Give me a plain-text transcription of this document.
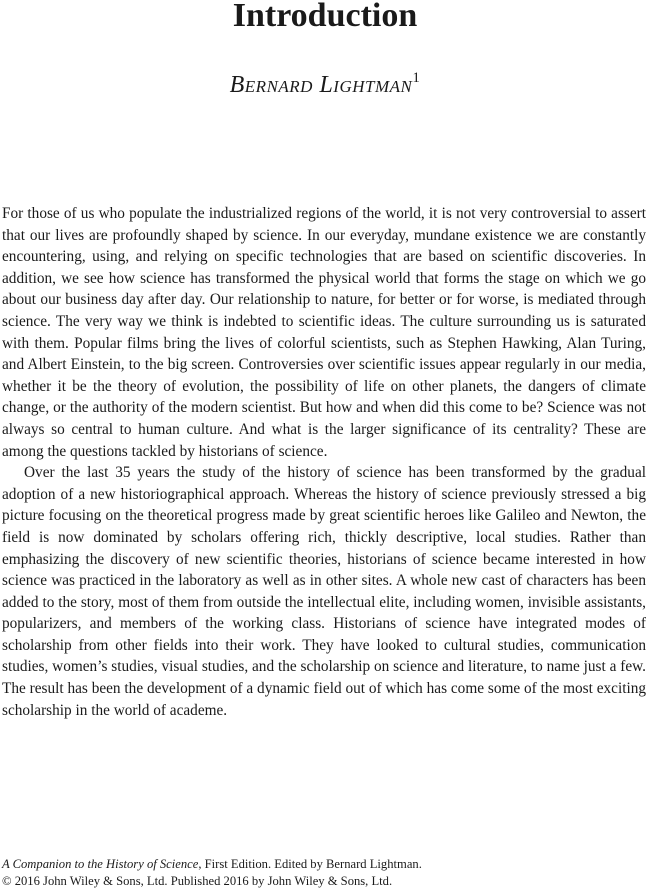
Introduction
Bernard Lightman$^1$

For those of us who populate the industrialized regions of the world, it is not very controversial to assert that our lives are profoundly shaped by science. In our everyday, mundane existence we are constantly encountering, using, and relying on specific technologies that are based on scientific discoveries. In addition, we see how science has transformed the physical world that forms the stage on which we go about our business day after day. Our relationship to nature, for better or for worse, is mediated through science. The very way we think is indebted to scientific ideas. The culture surrounding us is saturated with them. Popular films bring the lives of colorful scientists, such as Stephen Hawking, Alan Turing, and Albert Einstein, to the big screen. Controversies over scientific issues appear regularly in our media, whether it be the theory of evolution, the possibility of life on other planets, the dangers of climate change, or the authority of the modern scientist. But how and when did this come to be? Science was not always so central to human culture. And what is the larger significance of its centrality? These are among the questions tackled by historians of science.

Over the last 35 years the study of the history of science has been transformed by the gradual adoption of a new historiographical approach. Whereas the history of science previously stressed a big picture focusing on the theoretical progress made by great scientific heroes like Galileo and Newton, the field is now dominated by scholars offering rich, thickly descriptive, local studies. Rather than emphasizing the discovery of new scientific theories, historians of science became interested in how science was practiced in the laboratory as well as in other sites. A whole new cast of characters has been added to the story, most of them from outside the intellectual elite, including women, invisible assistants, popularizers, and members of the working class. Historians of science have integrated modes of scholarship from other fields into their work. They have looked to cultural studies, communication studies, women’s studies, visual studies, and the scholarship on science and literature, to name just a few. The result has been the development of a dynamic field out of which has come some of the most exciting scholarship in the world of academe.

A Companion to the History of Science, First Edition. Edited by Bernard Lightman.
© 2016 John Wiley & Sons, Ltd. Published 2016 by John Wiley & Sons, Ltd.
